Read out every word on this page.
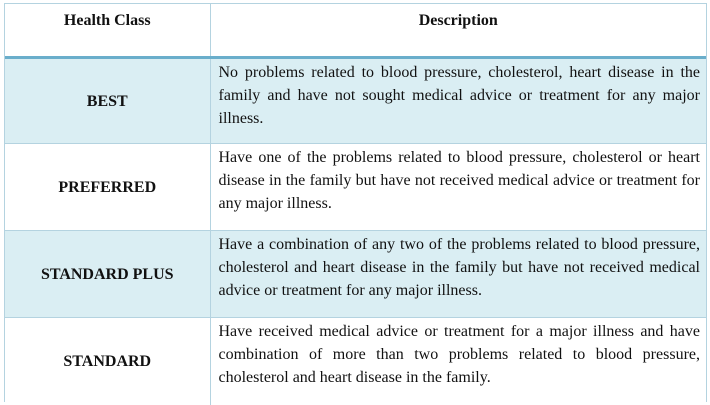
Health Class	Description
BEST	No problems related to blood pressure, cholesterol, heart disease in the family and have not sought medical advice or treatment for any major illness.
PREFERRED	Have one of the problems related to blood pressure, cholesterol or heart disease in the family but have not received medical advice or treatment for any major illness.
STANDARD PLUS	Have a combination of any two of the problems related to blood pressure, cholesterol and heart disease in the family but have not received medical advice or treatment for any major illness.
STANDARD	Have received medical advice or treatment for a major illness and have combination of more than two problems related to blood pressure, cholesterol and heart disease in the family.
